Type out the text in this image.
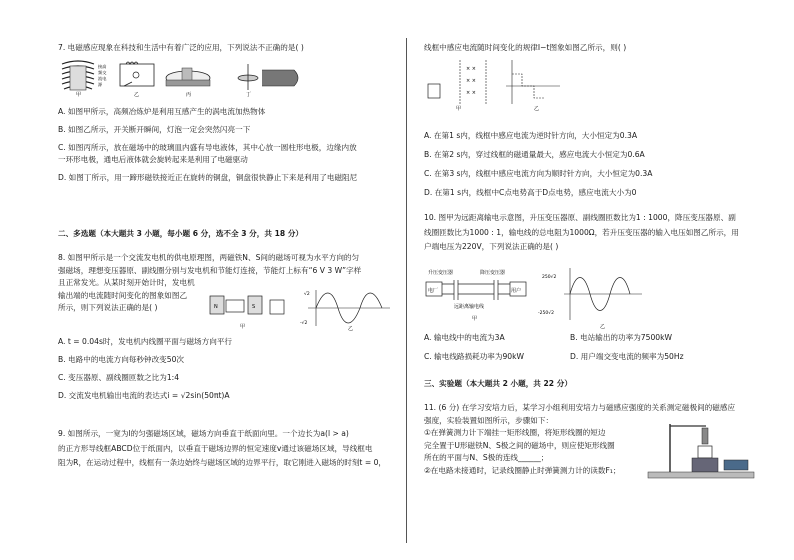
7. 电磁感应现象在科技和生活中有着广泛的应用，下列说法不正确的是( )

接高
频交
流电
源
甲	乙	丙	丁

A. 如图甲所示，高频冶炼炉是利用互感产生的涡电流加热物体

B. 如图乙所示，开关断开瞬间，灯泡一定会突然闪亮一下

C. 如图丙所示，放在磁场中的玻璃皿内盛有导电液体，其中心放一圆柱形电极，边缘内放

一环形电极，通电后液体就会旋转起来是利用了电磁驱动

D. 如图丁所示，用一蹄形磁铁接近正在旋转的铜盘，铜盘很快静止下来是利用了电磁阻尼

二、多选题（本大题共 3 小题，每小题 6 分，选不全 3 分，共 18 分）

8. 如图甲所示是一个交流发电机的供电原理图，两磁铁N、S间的磁场可视为水平方向的匀

强磁场，理想变压器原、副线圈分别与发电机和节能灯连接，节能灯上标有“6 V 3 W”字样

且正常发光。从某时刻开始计时，发电机

输出端的电流随时间变化的图象如图乙

所示，则下列说法正确的是( )	N	S
甲
√2
-√2
乙

A. t = 0.04s时，发电机内线圈平面与磁场方向平行

B. 电路中的电流方向每秒钟改变50次

C. 变压器原、副线圈匝数之比为1:4

D. 交流发电机输出电流的表达式i = √2sin(50πt)A

9. 如图所示，一宽为l的匀强磁场区域，磁场方向垂直于纸面向里。一个边长为a(l > a)

的正方形导线框ABCD位于纸面内，以垂直于磁场边界的恒定速度v通过该磁场区域，导线框电

阻为R，在运动过程中，线框有一条边始终与磁场区域的边界平行，取它刚进入磁场的时刻t = 0，

线框中感应电流随时间变化的规律I−t图象如图乙所示，则( )

× ×
× ×
× ×
甲	乙

A. 在第1 s内，线框中感应电流为逆时针方向，大小恒定为0.3A

B. 在第2 s内，穿过线框的磁通量最大，感应电流大小恒定为0.6A

C. 在第3 s内，线框中感应电流方向为顺时针方向，大小恒定为0.3A

D. 在第1 s内，线框中C点电势高于D点电势，感应电流大小为0

10. 图甲为远距离输电示意图，升压变压器原、副线圈匝数比为1 : 1000，降压变压器原、副

线圈匝数比为1000 : 1，输电线的总电阻为1000Ω，若升压变压器的输入电压如图乙所示，用

户端电压为220V，下列说法正确的是( )

升压变压器	降压变压器
电厂	用户
远距离输电线
甲
250√2
-250√2
乙

A. 输电线中的电流为3A	B. 电站输出的功率为7500kW

C. 输电线路损耗功率为90kW	D. 用户端交变电流的频率为50Hz

三、实验题（本大题共 2 小题，共 22 分）

11. (6 分) 在学习安培力后，某学习小组利用安培力与磁感应强度的关系测定磁极间的磁感应

强度，实验装置如图所示，步骤如下：

①在弹簧测力计下端挂一矩形线圈，将矩形线圈的短边

完全置于U形磁铁N、S极之间的磁场中，则应使矩形线圈

所在的平面与N、S极的连线______；

②在电路未接通时，记录线圈静止时弹簧测力计的读数F₁；
